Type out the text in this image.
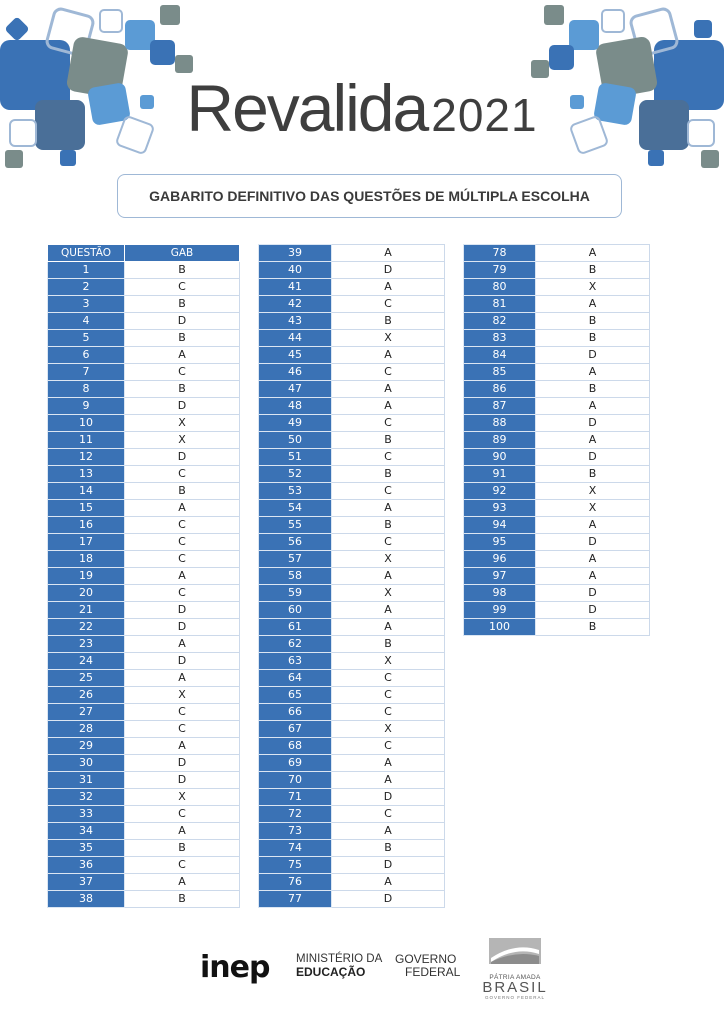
Revalida2021
GABARITO DEFINITIVO DAS QUESTÕES DE MÚLTIPLA ESCOLHA
QUESTÃO	GAB
1	B
2	C
3	B
4	D
5	B
6	A
7	C
8	B
9	D
10	X
11	X
12	D
13	C
14	B
15	A
16	C
17	C
18	C
19	A
20	C
21	D
22	D
23	A
24	D
25	A
26	X
27	C
28	C
29	A
30	D
31	D
32	X
33	C
34	A
35	B
36	C
37	A
38	B
39	A
40	D
41	A
42	C
43	B
44	X
45	A
46	C
47	A
48	A
49	C
50	B
51	C
52	B
53	C
54	A
55	B
56	C
57	X
58	A
59	X
60	A
61	A
62	B
63	X
64	C
65	C
66	C
67	X
68	C
69	A
70	A
71	D
72	C
73	A
74	B
75	D
76	A
77	D
78	A
79	B
80	X
81	A
82	B
83	B
84	D
85	A
86	B
87	A
88	D
89	A
90	D
91	B
92	X
93	X
94	A
95	D
96	A
97	A
98	D
99	D
100	B
inep MINISTÉRIO DA
EDUCAÇÃO
GOVERNO
FEDERAL	PÁTRIA AMADA
BRASIL
GOVERNO FEDERAL
